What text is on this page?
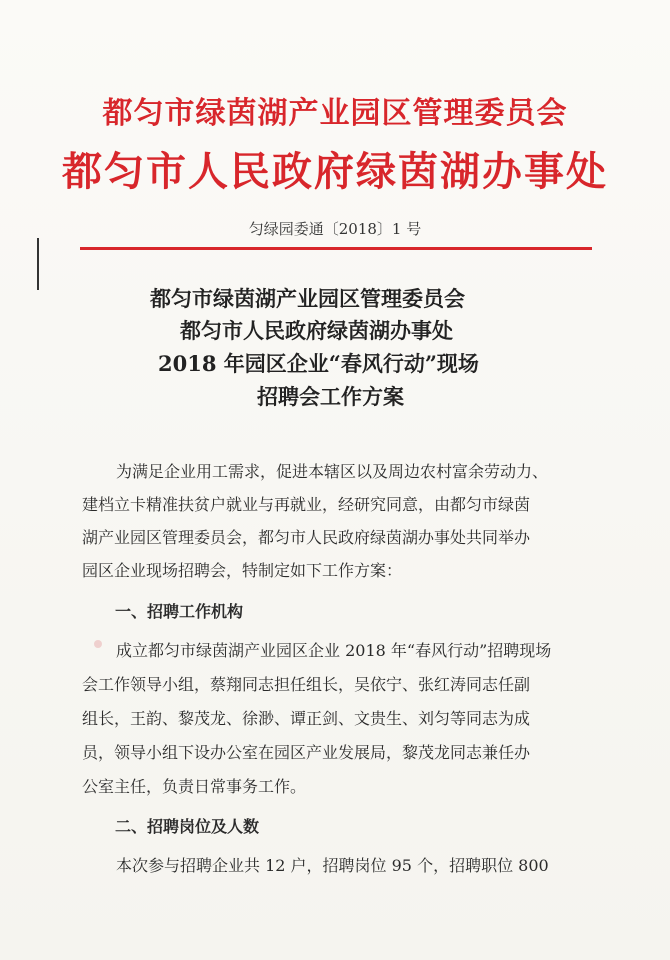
都匀市绿茵湖产业园区管理委员会
都匀市人民政府绿茵湖办事处
匀绿园委通〔2018〕1 号
都匀市绿茵湖产业园区管理委员会
都匀市人民政府绿茵湖办事处
2018 年园区企业“春风行动”现场
招聘会工作方案
为满足企业用工需求，促进本辖区以及周边农村富余劳动力、
建档立卡精准扶贫户就业与再就业，经研究同意，由都匀市绿茵
湖产业园区管理委员会，都匀市人民政府绿茵湖办事处共同举办
园区企业现场招聘会，特制定如下工作方案：
一、招聘工作机构
成立都匀市绿茵湖产业园区企业 2018 年“春风行动”招聘现场
会工作领导小组，蔡翔同志担任组长，吴依宁、张红涛同志任副
组长，王韵、黎茂龙、徐渺、谭正剑、文贵生、刘匀等同志为成
员，领导小组下设办公室在园区产业发展局，黎茂龙同志兼任办
公室主任，负责日常事务工作。
二、招聘岗位及人数
本次参与招聘企业共 12 户，招聘岗位 95 个，招聘职位 800
